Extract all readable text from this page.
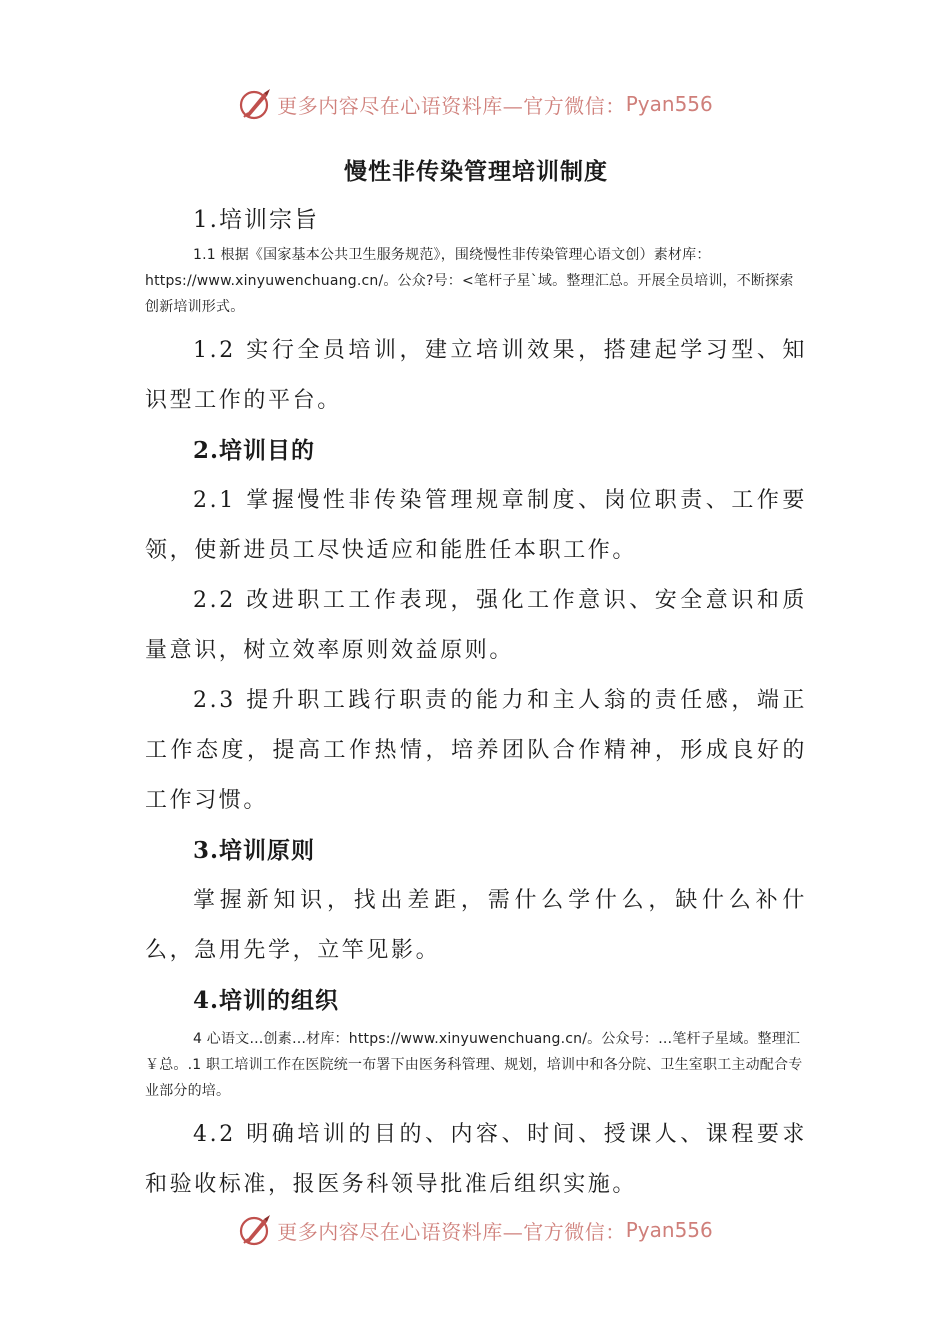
更多内容尽在心语资料库—官方微信： Pyan556
慢性非传染管理培训制度
1.培训宗旨

1.1 根据《国家基本公共卫生服务规范》，围绕慢性非传染管理心语文创）素材库：https://www.xinyuwenchuang.cn/。公众?号：<笔杆子星`域。整理汇总。开展全员培训，不断探索创新培训形式。

1.2 实行全员培训，建立培训效果，搭建起学习型、知识型工作的平台。

2.培训目的

2.1 掌握慢性非传染管理规章制度、岗位职责、工作要领，使新进员工尽快适应和能胜任本职工作。

2.2 改进职工工作表现，强化工作意识、安全意识和质量意识，树立效率原则效益原则。

2.3 提升职工践行职责的能力和主人翁的责任感，端正工作态度，提高工作热情，培养团队合作精神，形成良好的工作习惯。

3.培训原则

掌握新知识，找出差距，需什么学什么，缺什么补什么，急用先学，立竿见影。

4.培训的组织

4 心语文…创素…材库：https://www.xinyuwenchuang.cn/。公众号：…笔杆子星域。整理汇￥总。.1 职工培训工作在医院统一布署下由医务科管理、规划，培训中和各分院、卫生室职工主动配合专业部分的培。

4.2 明确培训的目的、内容、时间、授课人、课程要求和验收标准，报医务科领导批准后组织实施。

更多内容尽在心语资料库—官方微信： Pyan556
